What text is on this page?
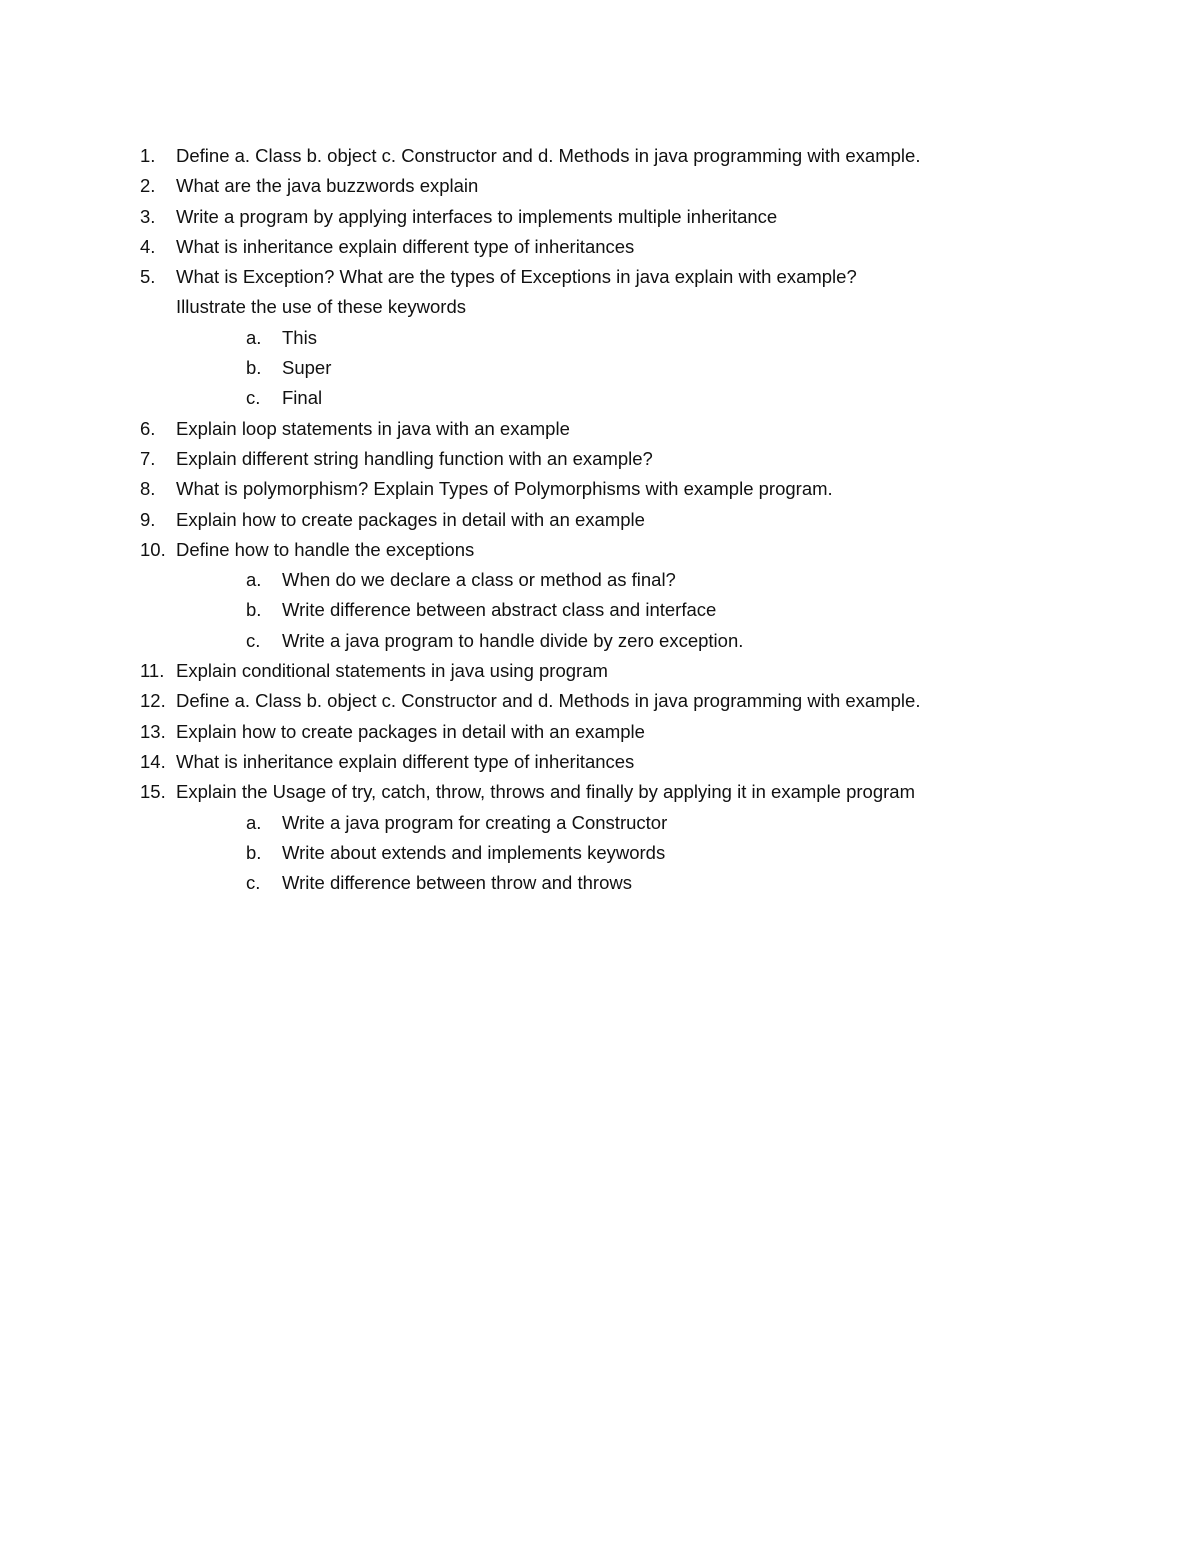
1. Define a. Class b. object c. Constructor and d. Methods in java programming with example.
2. What are the java buzzwords explain
3. Write a program by applying interfaces to implements multiple inheritance
4. What is inheritance explain different type of inheritances
5. What is Exception? What are the types of Exceptions in java explain with example?
Illustrate the use of these keywords
a. This
b. Super
c. Final
6. Explain loop statements in java with an example
7. Explain different string handling function with an example?
8. What is polymorphism? Explain Types of Polymorphisms with example program.
9. Explain how to create packages in detail with an example
10. Define how to handle the exceptions
a. When do we declare a class or method as final?
b. Write difference between abstract class and interface
c. Write a java program to handle divide by zero exception.
11. Explain conditional statements in java using program
12. Define a. Class b. object c. Constructor and d. Methods in java programming with example.
13. Explain how to create packages in detail with an example
14. What is inheritance explain different type of inheritances
15. Explain the Usage of try, catch, throw, throws and finally by applying it in example program
a. Write a java program for creating a Constructor
b. Write about extends and implements keywords
c. Write difference between throw and throws
